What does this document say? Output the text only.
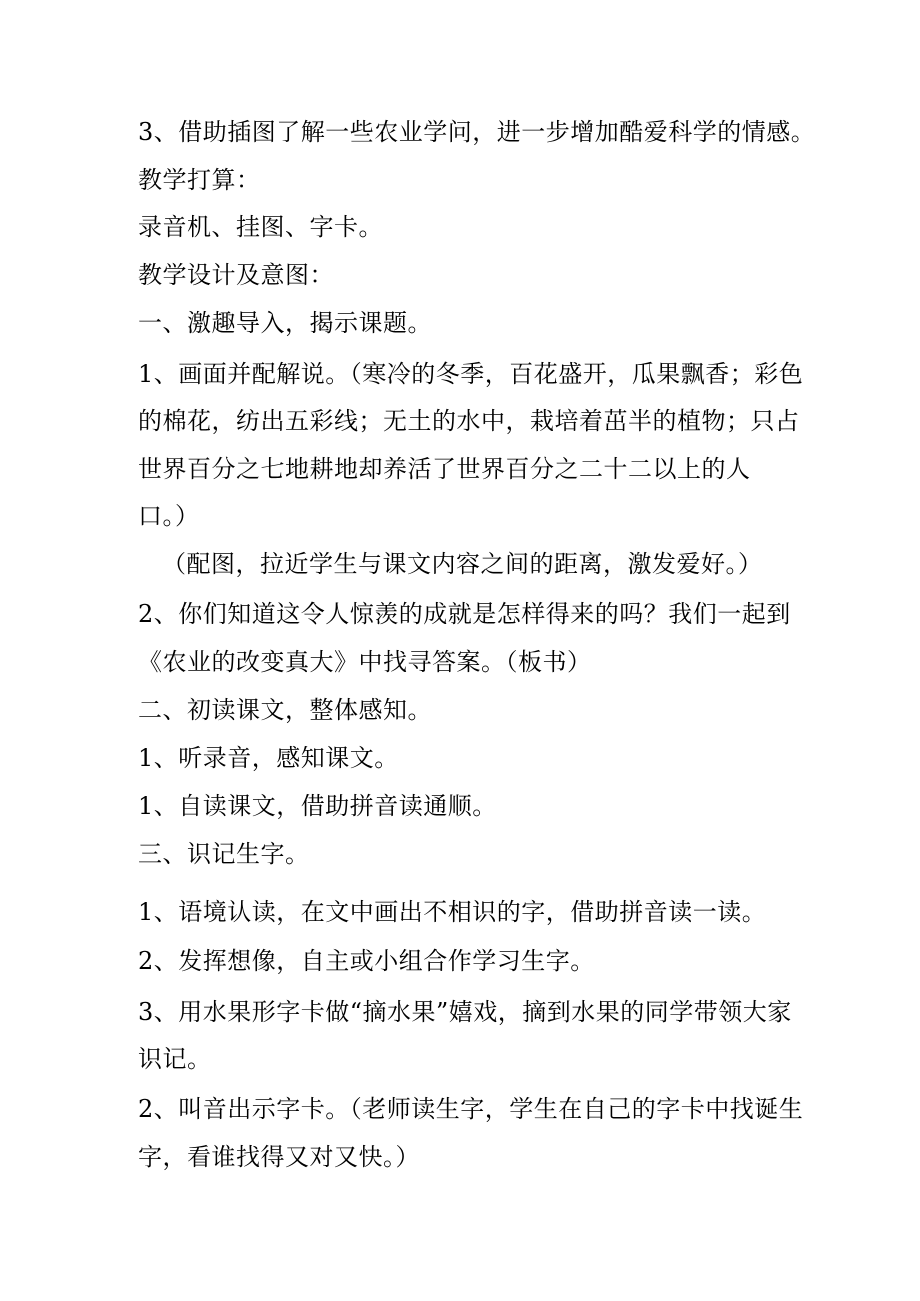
3、借助插图了解一些农业学问，进一步增加酷爱科学的情感。
教学打算：
录音机、挂图、字卡。
教学设计及意图：
一、激趣导入，揭示课题。
1、画面并配解说。（寒冷的冬季，百花盛开，瓜果飘香；彩色
的棉花，纺出五彩线；无土的水中，栽培着茁半的植物；只占
世界百分之七地耕地却养活了世界百分之二十二以上的人
口。）
（配图，拉近学生与课文内容之间的距离，激发爱好。）
2、你们知道这令人惊羡的成就是怎样得来的吗？我们一起到
《农业的改变真大》中找寻答案。（板书）
二、初读课文，整体感知。
1、听录音，感知课文。
1、自读课文，借助拼音读通顺。
三、识记生字。
1、语境认读，在文中画出不相识的字，借助拼音读一读。
2、发挥想像，自主或小组合作学习生字。
3、用水果形字卡做“摘水果”嬉戏，摘到水果的同学带领大家
识记。
2、叫音出示字卡。（老师读生字，学生在自己的字卡中找诞生
字，看谁找得又对又快。）
